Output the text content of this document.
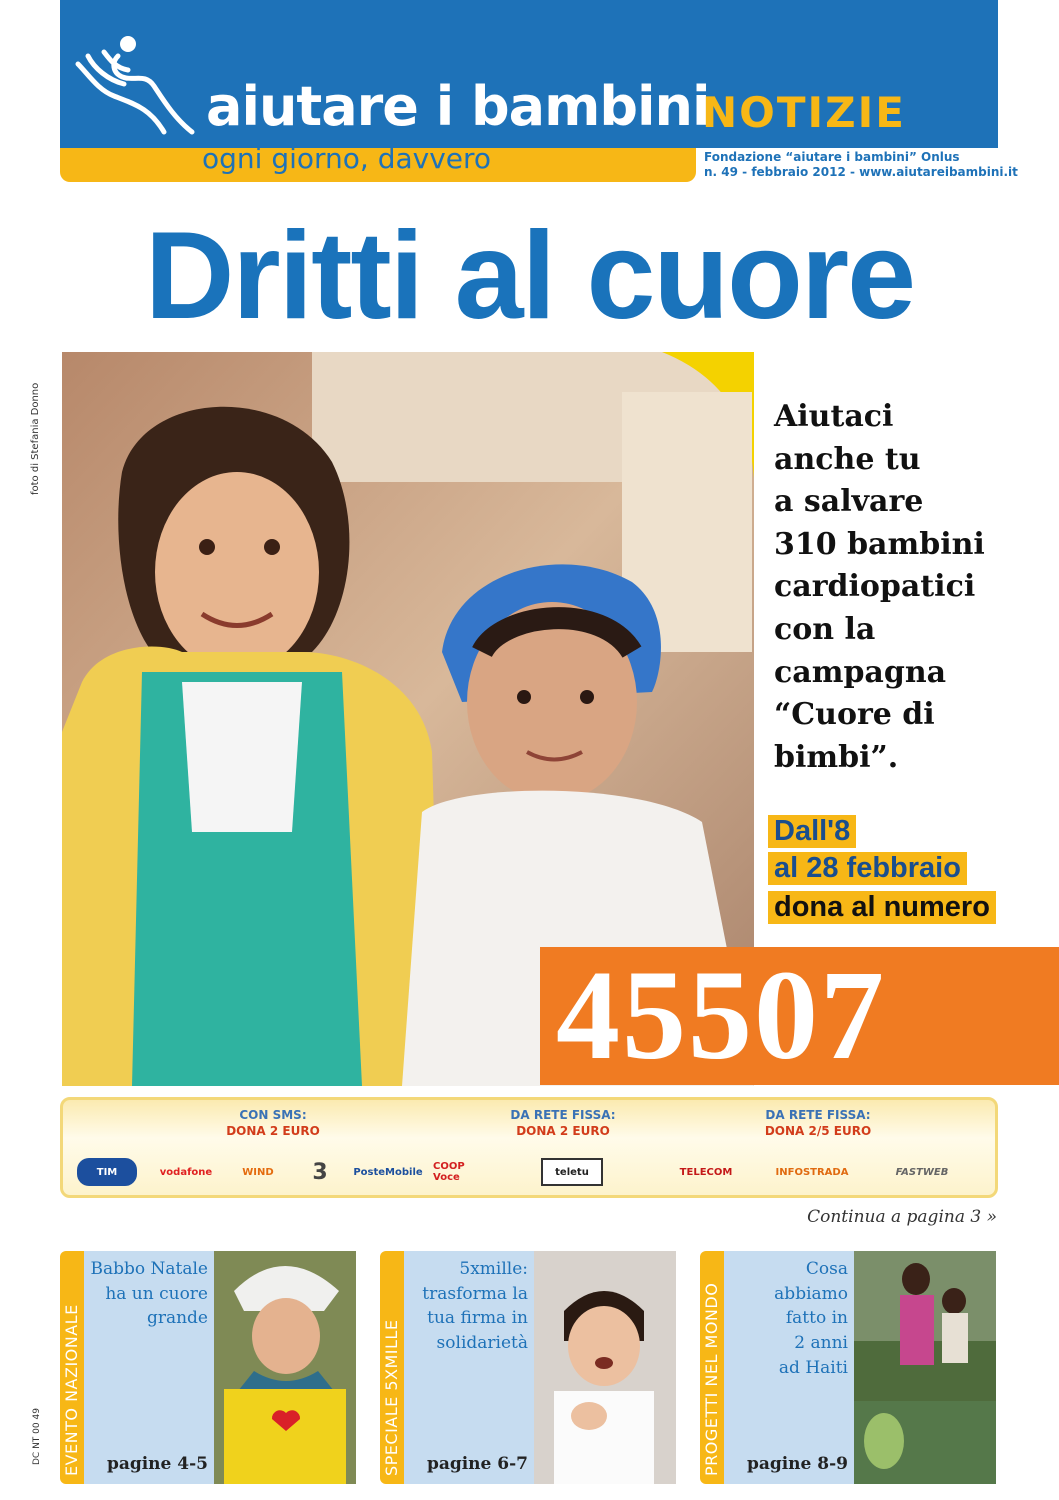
aiutare i bambini
NOTIZIE
ogni giorno, davvero	Fondazione “aiutare i bambini” Onlus
n. 49 - febbraio 2012 - www.aiutareibambini.it
Dritti al cuore
foto di Stefania Donno	Aiutaci
anche tu
a salvare
310 bambini
cardiopatici
con la
campagna
“Cuore di
bimbi”.
Dall'8
al 28 febbraio
dona al numero
45507
CON SMS:
DONA 2 EURO
DA RETE FISSA:
DONA 2 EURO
DA RETE FISSA:
DONA 2/5 EURO
TIM	vodafone	WIND	3	PosteMobile COOP Voce	teletu	TELECOM	INFOSTRADA	FASTWEB
Continua a pagina 3 »
EVENTO NAZIONALE
Babbo Natale
ha un cuore
grande
pagine 4-5	SPECIALE 5XMILLE
5xmille:
trasforma la
tua firma in
solidarietà
pagine 6-7	PROGETTI NEL MONDO
Cosa
abbiamo
fatto in
2 anni
ad Haiti
pagine 8-9
DC NT 00 49
